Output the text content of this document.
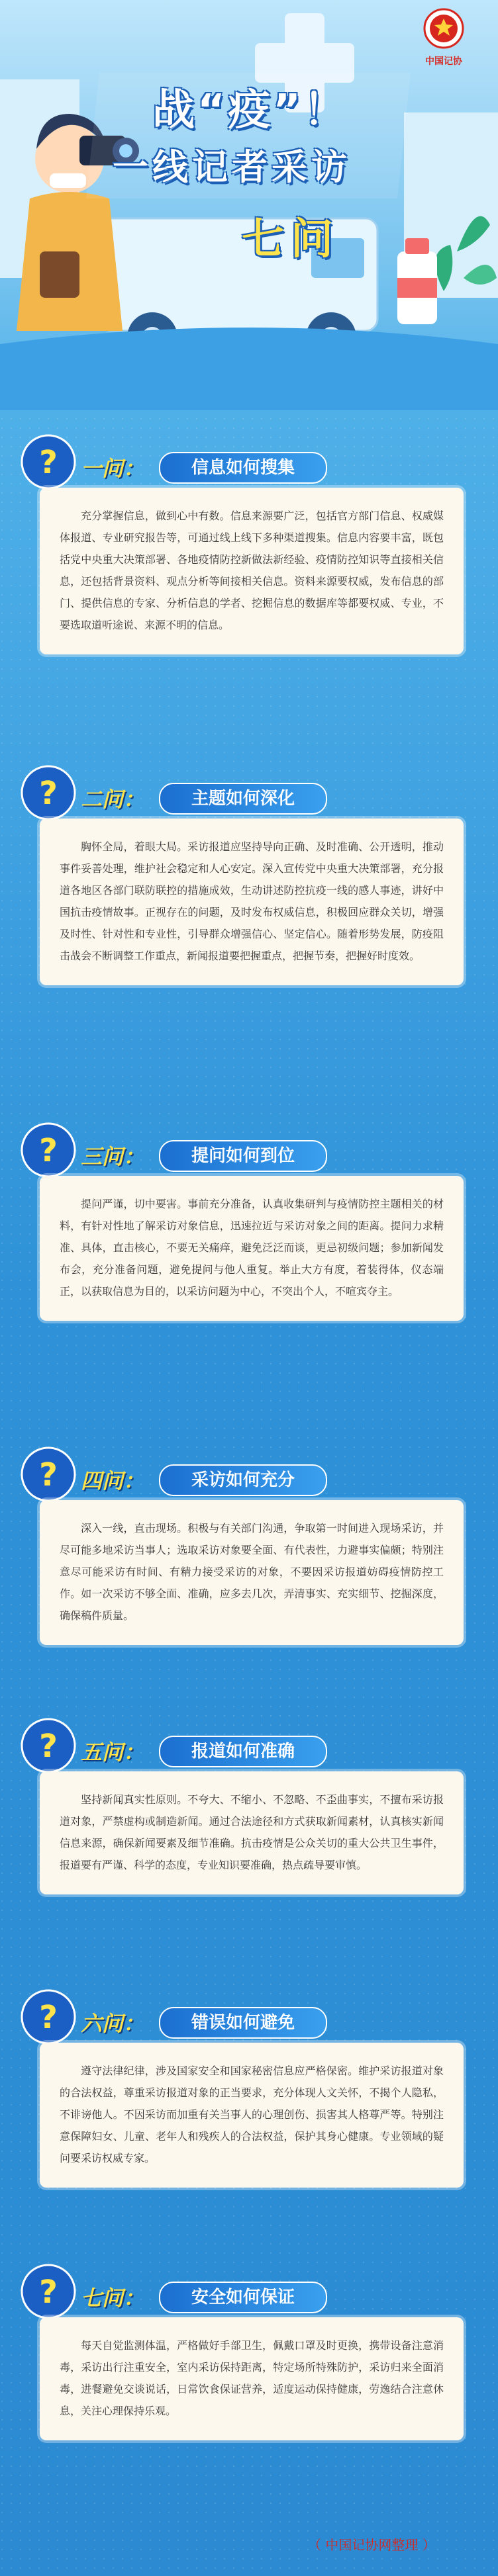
中国记协
战“疫”！
一线记者采访
七问
? 一问：	信息如何搜集

充分掌握信息，做到心中有数。信息来源要广泛，包括官方部门信息、权威媒体报道、专业研究报告等，可通过线上线下多种渠道搜集。信息内容要丰富，既包括党中央重大决策部署、各地疫情防控新做法新经验、疫情防控知识等直接相关信息，还包括背景资料、观点分析等间接相关信息。资料来源要权威，发布信息的部门、提供信息的专家、分析信息的学者、挖掘信息的数据库等都要权威、专业，不要选取道听途说、来源不明的信息。

? 二问：	主题如何深化

胸怀全局，着眼大局。采访报道应坚持导向正确、及时准确、公开透明，推动事件妥善处理，维护社会稳定和人心安定。深入宣传党中央重大决策部署，充分报道各地区各部门联防联控的措施成效，生动讲述防控抗疫一线的感人事迹，讲好中国抗击疫情故事。正视存在的问题，及时发布权威信息，积极回应群众关切，增强及时性、针对性和专业性，引导群众增强信心、坚定信心。随着形势发展，防疫阻击战会不断调整工作重点，新闻报道要把握重点，把握节奏，把握好时度效。

? 三问：	提问如何到位

提问严谨，切中要害。事前充分准备，认真收集研判与疫情防控主题相关的材料，有针对性地了解采访对象信息，迅速拉近与采访对象之间的距离。提问力求精准、具体，直击核心，不要无关痛痒，避免泛泛而谈，更忌初级问题；参加新闻发布会，充分准备问题，避免提问与他人重复。举止大方有度，着装得体，仪态端正，以获取信息为目的，以采访问题为中心，不突出个人，不喧宾夺主。

? 四问：	采访如何充分

深入一线，直击现场。积极与有关部门沟通，争取第一时间进入现场采访，并尽可能多地采访当事人；选取采访对象要全面、有代表性，力避事实偏颇；特别注意尽可能采访有时间、有精力接受采访的对象，不要因采访报道妨碍疫情防控工作。如一次采访不够全面、准确，应多去几次，弄清事实、充实细节、挖掘深度，确保稿件质量。

? 五问：	报道如何准确

坚持新闻真实性原则。不夸大、不缩小、不忽略、不歪曲事实，不擅布采访报道对象，严禁虚构或制造新闻。通过合法途径和方式获取新闻素材，认真核实新闻信息来源，确保新闻要素及细节准确。抗击疫情是公众关切的重大公共卫生事件，报道要有严谨、科学的态度，专业知识要准确，热点疏导要审慎。

? 六问：	错误如何避免

遵守法律纪律，涉及国家安全和国家秘密信息应严格保密。维护采访报道对象的合法权益，尊重采访报道对象的正当要求，充分体现人文关怀，不揭个人隐私，不诽谤他人。不因采访而加重有关当事人的心理创伤、损害其人格尊严等。特别注意保障妇女、儿童、老年人和残疾人的合法权益，保护其身心健康。专业领域的疑问要采访权威专家。

? 七问：	安全如何保证

每天自觉监测体温，严格做好手部卫生，佩戴口罩及时更换，携带设备注意消毒，采访出行注重安全，室内采访保持距离，特定场所特殊防护，采访归来全面消毒，进餐避免交谈说话，日常饮食保证营养，适度运动保持健康，劳逸结合注意休息，关注心理保持乐观。

（ 中国记协网整理 ）
